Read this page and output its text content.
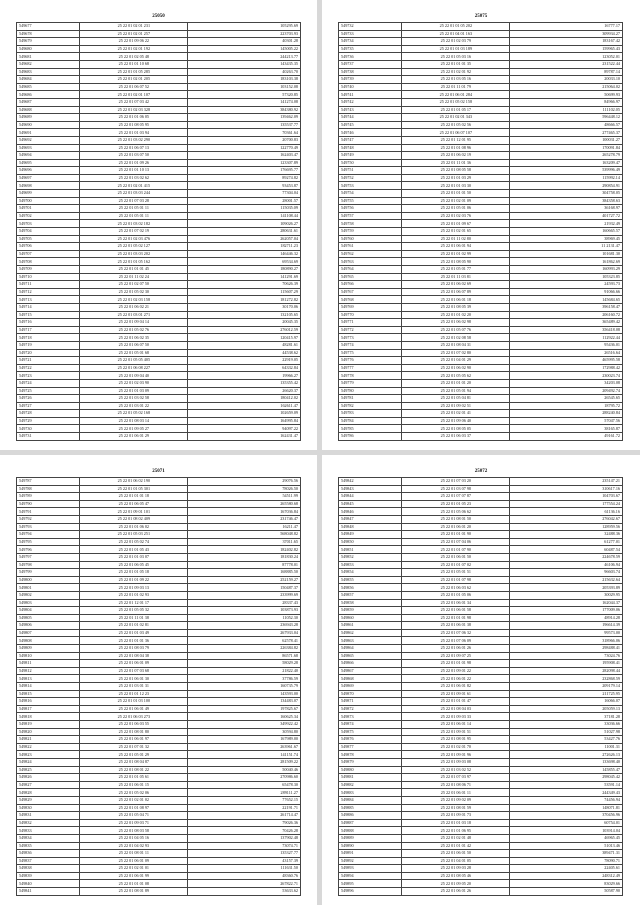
25050
549677	25 22 01 02 01 231	105295.69
549678	25 22 01 02 01 257	223703.93
549679	25 22 01 09 06 22	40301.28
549680	25 22 01 02 01 192	145005.22
549681	25 22 01 02 05 48	244213.77
549682	25 22 01 01 10 68	143435.35
549683	25 22 01 01 05 285	40263.70
549684	25 22 01 02 01 205	183103.38
549685	25 22 01 06 07 52	103152.08
549686	25 22 01 02 01 107	57320.85
549687	25 22 01 07 03 42	141274.08
549688	25 22 01 02 03 328	384380.92
549689	25 22 01 01 06 05	139462.09
549690	25 22 01 08 05 95	135537.77
549691	25 22 01 01 03 94	70361.64
549692	25 22 01 03 02 290	20700.83
549693	25 22 01 06 07 13	122770.49
549694	25 22 01 03 07 50	162403.47
549695	25 22 01 01 09 26	123307.89
549696	25 22 01 01 10 13	176695.77
549697	25 22 01 03 02 62	89274.82
549698	25 22 01 02 01 415	93453.87
549699	25 22 01 03 03 244	77304.04
549700	25 22 01 07 03 28	28001.57
549701	25 22 01 05 01 11	115035.09
549702	25 22 01 05 01 11	141108.44
549703	25 22 01 03 02 182	109026.27
549704	25 22 01 07 02 19	280631.61
549705	25 22 01 02 03 476	262057.04
549706	25 22 01 05 02 127	182711.23
549707	25 22 01 03 03 202	146446.32
549708	25 22 01 01 05 162	69534.69
549709	25 22 01 01 01 45	180890.27
549710	25 22 01 11 02 24	141291.69
549711	25 22 01 02 07 50	70626.39
549712	25 22 01 05 02 30	115607.29
549713	25 22 01 02 03 158	181272.82
549714	25 22 01 06 02 21	30170.06
549715	25 22 01 03 01 271	132105.65
549716	25 22 01 09 04 14	20045.35
549717	25 22 01 05 02 76	276012.59
549718	25 22 01 06 02 35	120415.97
549719	25 22 01 06 07 50	48281.61
549720	25 22 01 05 01 68	44538.62
549721	25 22 01 05 05 405	22919.05
549722	25 22 01 06 08 227	64332.84
549723	25 22 01 09 04 40	19966.27
549724	25 22 01 02 03 90	135355.42
549725	25 22 01 01 03 09	26620.37
549726	25 22 01 03 02 58	180412.02
549727	25 22 01 03 01 22	162611.47
549728	25 22 01 05 02 168	102659.09
549729	25 22 01 08 03 14	164995.84
549730	25 22 01 09 05 27	94097.22
549731	25 22 01 06 01 29	162431.47
25075
549732	25 22 01 01 05 202	16777.17
549733	25 22 01 04 01 163	309934.27
549734	25 22 01 02 03 79	183167.42
549735	25 22 01 01 03 189	159965.43
549736	25 22 01 05 03 16	123052.01
549737	25 22 01 01 01 35	231522.44
549738	25 22 01 02 01 92	89787.14
549739	25 22 01 03 05 16	20033.10
549740	25 22 01 11 01 79	215064.02
549741	25 22 01 06 01 284	50699.93
549742	25 22 01 05 02 158	84966.97
549743	25 22 01 01 05 17	111102.05
549744	25 22 01 02 01 343	596448.12
549745	25 22 01 05 02 56	48666.57
549746	25 22 01 06 07 107	277465.37
549747	25 22 01 12 01 95	100031.27
549748	25 22 01 01 08 96	170091.84
549749	25 22 01 06 02 19	265278.79
549750	25 22 01 11 01 36	163209.47
549751	25 22 01 08 05 58	539996.49
549752	25 22 01 01 03 29	115992.14
549753	25 22 01 01 03 30	290854.91
549754	25 22 01 01 01 50	304758.05
549755	25 22 01 02 01 09	384358.63
549756	25 22 01 05 01 06	36168.97
549757	25 22 01 02 03 76	401727.72
549758	25 22 01 01 09 67	21932.49
549759	25 22 01 02 01 65	160665.57
549760	25 22 01 11 02 80	38969.45
549761	25 22 01 06 01 94	11 2131.47
549762	25 22 01 01 02 99	101681.30
549763	25 22 01 08 05 90	161862.69
549764	25 22 01 05 01 77	160993.29
549765	25 22 01 11 03 81	105323.85
549766	25 22 01 06 02 69	24593.73
549767	25 22 01 06 07 89	91066.66
549768	25 22 01 06 01 18	145684.65
549769	25 22 01 08 05 39	396158.47
549770	25 22 01 01 02 20	206160.72
549771	25 22 01 06 02 98	365489.42
549772	25 22 01 05 07 76	356418.08
549773	25 22 01 02 08 58	112922.44
549774	25 22 01 08 04 31	95436.01
549775	25 22 01 07 02 80	26516.64
549776	25 22 01 04 01 29	465995.58
549777	25 22 01 06 02 90	172988.42
549778	25 22 01 05 05 62	230023.74
549779	25 22 01 01 01 20	34203.08
549780	25 22 01 05 01 94	209492.74
549781	25 22 01 05 04 81	26545.65
549782	25 22 01 09 02 51	18795.72
549783	25 22 01 02 01 41	288240.84
549784	25 22 01 09 06 40	57047.56
549785	25 22 01 08 05 05	38165.87
549786	25 22 01 06 03 37	49161.72
25071
549787	25 22 01 06 02 190	29076.56
549788	25 22 01 01 05 301	78026.50
549789	25 22 01 01 01 18	54511.99
549790	25 22 01 06 05 47	265580.68
549791	25 22 01 09 01 101	167036.84
549792	25 22 01 08 02 409	231746.47
549793	25 22 01 01 06 02	16211.47
549794	25 22 01 05 03 251	568048.82
549795	25 22 01 05 02 74	37011.65
549796	25 22 01 01 05 43	182402.82
549797	25 22 01 01 03 07	181830.24
549798	25 22 01 06 05 45	87778.01
549799	25 22 01 01 05 18	168885.50
549800	25 22 01 01 09 22	252159.27
549801	25 22 01 09 03 13	150487.37
549802	25 22 01 01 02 93	233999.69
549803	25 22 01 12 01 17	28337.43
549804	25 22 01 05 05 32	103873.93
549805	25 22 01 11 01 38	11052.30
549806	25 22 01 01 02 81	236943.28
549807	25 22 01 01 03 49	267933.04
549808	25 22 01 01 01 36	62578.41
549809	25 22 01 08 03 79	226384.82
549810	25 22 01 08 04 38	86571.68
549811	25 22 01 06 01 09	58029.28
549812	25 22 01 07 03 68	21822.40
549813	25 22 01 06 01 30	37786.59
549814	25 22 01 03 01 31	160735.79
549815	25 22 01 01 12 23	143593.00
549816	25 22 01 01 03 100	134483.07
549817	25 22 01 06 01 49	197825.67
549818	25 22 01 06 03 273	160625.34
549819	25 22 01 06 03 55	349922.42
549820	25 22 01 08 01 80	30594.80
549821	25 22 01 06 01 97	167989.00
549822	25 22 01 07 01 32	263961.67
549823	25 22 01 05 01 29	141151.74
549824	25 22 01 08 04 87	281509.22
549825	25 22 01 08 01 22	50040.46
549826	25 22 01 01 05 61	270986.60
549827	25 22 01 06 01 15	65478.30
549828	25 22 01 05 02 06	289111.27
549829	25 22 01 02 01 02	77652.15
549830	25 22 01 01 08 97	22191.71
549831	25 22 01 05 04 71	261714.47
549832	25 22 01 09 03 71	79026.36
549833	25 22 01 08 03 58	70426.28
549834	25 22 01 04 05 16	137902.48
549835	25 22 01 04 02 93	73074.71
549836	25 22 01 08 01 11	135327.77
549837	25 22 01 06 01 09	43157.39
549838	25 22 01 02 01 01	111631.50
549839	25 22 01 06 01 99	48360.76
549840	25 22 01 01 01 08	267822.71
549841	25 22 01 08 01 89	53633.62
25072
549842	25 22 01 07 03 20	235147.21
549843	25 22 01 03 07 98	310617.16
549844	25 22 01 07 07 87	104703.67
549845	25 22 01 01 05 23	177554.24
549846	25 22 01 05 06 62	61136.16
549847	25 22 01 08 01 50	276042.67
549848	25 22 01 06 01 20	128959.56
549849	25 22 01 01 01 90	32488.36
549850	25 22 01 07 04 06	61277.01
549851	25 22 01 01 07 90	60487.54
549852	25 22 01 06 01 50	224678.59
549853	25 22 01 01 07 02	46106.94
549854	25 22 01 05 01 51	96603.74
549855	25 22 01 01 07 98	215632.64
549856	25 22 01 06 03 62	205393.89
549857	25 22 01 01 05 06	30029.95
549858	25 22 01 06 01 34	162044.37
549859	25 22 01 06 01 58	177009.06
549860	25 22 01 01 01 98	48914.28
549861	25 22 01 06 01 38	196614.39
549862	25 22 01 07 06 32	99573.00
549863	25 22 01 07 06 09	318966.06
549864	25 22 01 06 01 26	298488.41
549865	25 22 01 09 07 25	73024.76
549866	25 22 01 01 01 98	195908.41
549867	25 22 01 09 01 22	282098.44
549868	25 22 01 06 01 22	232868.59
549869	25 22 01 06 01 82	209179.14
549870	25 22 01 09 01 61	211725.95
549871	25 22 01 01 01 47	16066.07
549872	25 22 01 08 04 03	205059.13
549873	25 22 01 09 03 33	37181.28
549874	25 22 01 06 01 14	33036.66
549875	25 22 01 09 01 51	51027.98
549876	25 22 01 08 01 95	53427.76
549877	25 22 01 02 01 70	11001.31
549878	25 22 01 09 01 96	272626.13
549879	25 22 01 09 03 08	133698.40
549880	25 22 01 03 02 52	145855.47
549881	25 22 01 07 03 97	298045.42
549882	25 22 01 08 06 71	53591.14
549883	25 22 01 06 01 11	244349.43
549884	25 22 01 09 02 09	74456.94
549885	25 22 01 08 01 59	148071.81
549886	25 22 01 09 01 73	370456.96
549887	25 22 01 01 03 18	60754.01
549888	25 22 01 01 06 95	103914.04
549889	25 22 01 02 01 48	46965.45
549890	25 22 01 01 01 42	51013.46
549891	25 22 01 06 01 50	389471.31
549892	25 22 01 04 01 05	78090.71
549893	25 22 01 09 03 28	22405.61
549894	25 22 01 08 05 46	248312.49
549895	25 22 01 09 05 20	83029.66
549896	25 22 01 06 01 26	50587.90
